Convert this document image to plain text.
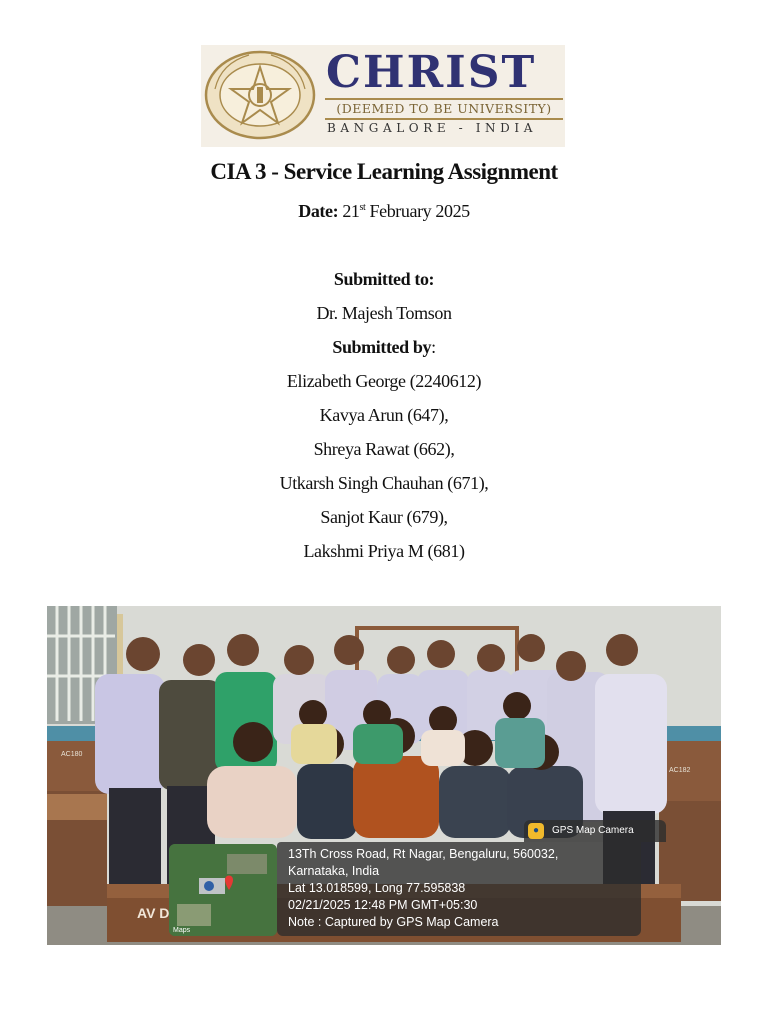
CHRIST

(DEEMED TO BE UNIVERSITY)
BANGALORE - INDIA
CIA 3 - Service Learning Assignment
Date: 21st February 2025
Submitted to:
Dr. Majesh Tomson
Submitted by:
Elizabeth George (2240612)
Kavya Arun (647),
Shreya Rawat (662),
Utkarsh Singh Chauhan (671),
Sanjot Kaur (679),
Lakshmi Priya M (681)
AV D
AC180
AC182
●	GPS Map Camera
Maps
13Th Cross Road, Rt Nagar, Bengaluru, 560032,
Karnataka, India
Lat 13.018599, Long 77.595838
02/21/2025 12:48 PM GMT+05:30
Note : Captured by GPS Map Camera
